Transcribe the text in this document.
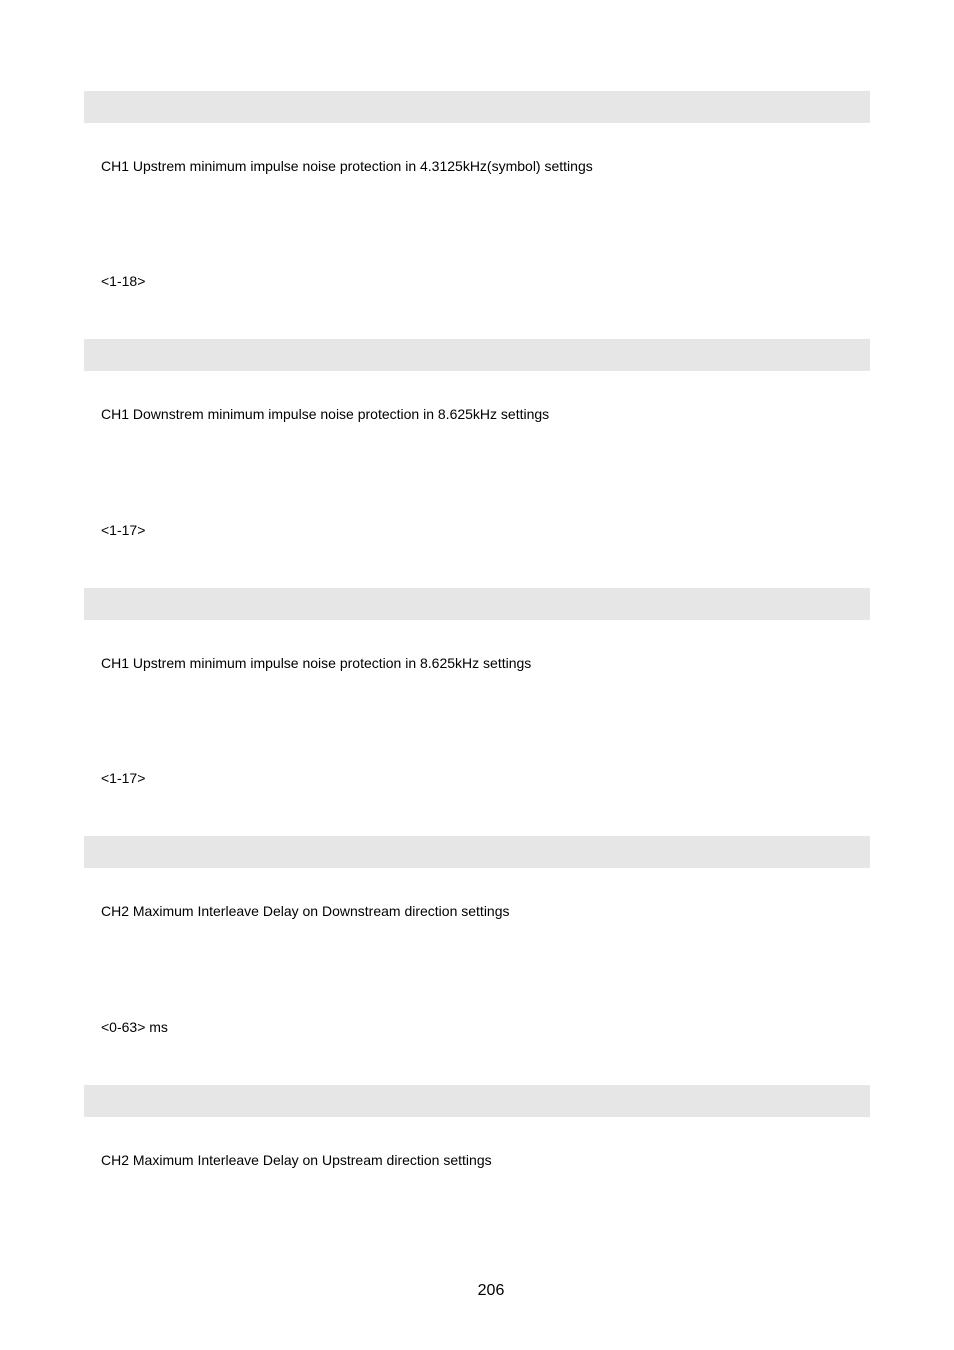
CH1 Upstrem minimum impulse noise protection in 4.3125kHz(symbol) settings
<1-18>
CH1 Downstrem minimum impulse noise protection in 8.625kHz settings
<1-17>
CH1 Upstrem minimum impulse noise protection in 8.625kHz settings
<1-17>
CH2 Maximum Interleave Delay on Downstream direction settings
<0-63> ms
CH2 Maximum Interleave Delay on Upstream direction settings
206
